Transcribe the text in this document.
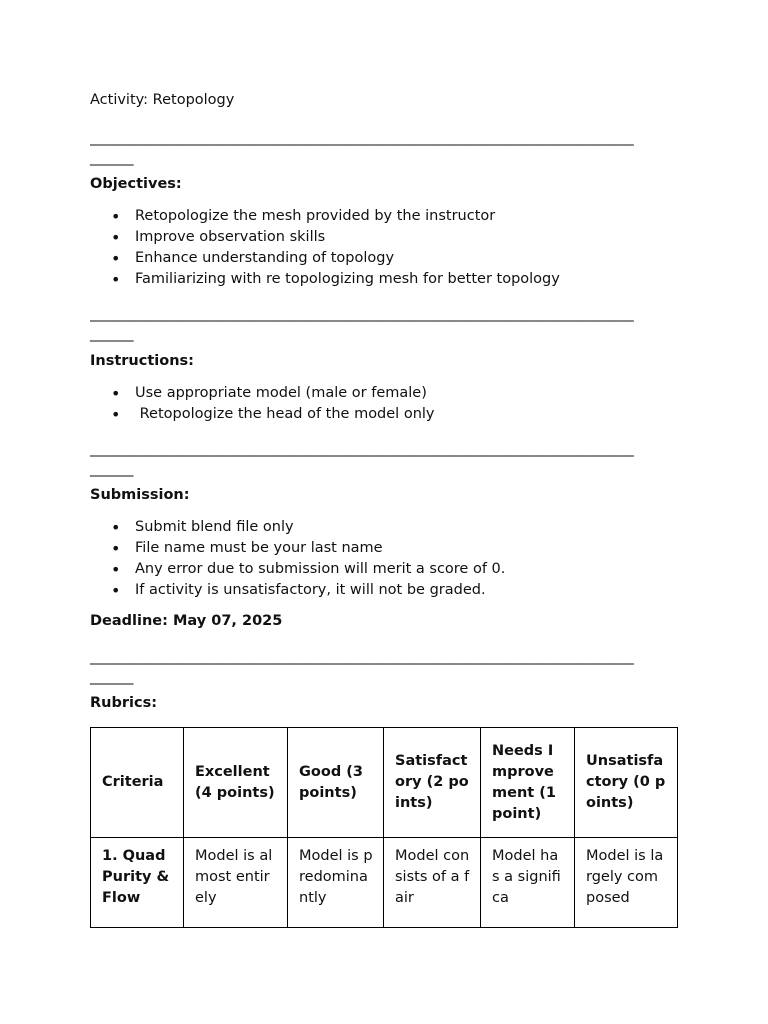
Activity: Retopology
___________________________________________________________________________
______
Objectives:
• Retopologize the mesh provided by the instructor
• Improve observation skills
• Enhance understanding of topology
• Familiarizing with re topologizing mesh for better topology
___________________________________________________________________________
______
Instructions:
• Use appropriate model (male or female)
•  Retopologize the head of the model only
___________________________________________________________________________
______
Submission:
• Submit blend file only
• File name must be your last name
• Any error due to submission will merit a score of 0.
• If activity is unsatisfactory, it will not be graded.
Deadline: May 07, 2025
___________________________________________________________________________
______
Rubrics:
Criteria	Excellent (4 points)	Good (3 points)	Satisfactory (2 points)	Needs Improvement (1 point)	Unsatisfactory (0 points)
1. Quad Purity & Flow	Model is almost entirely	Model is predominantly	Model consists of a fair	Model has a significa	Model is largely composed
